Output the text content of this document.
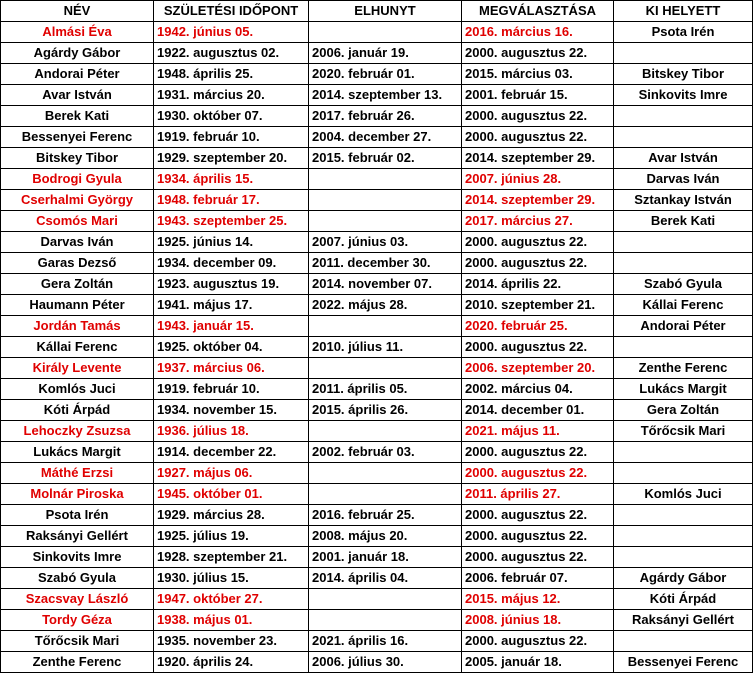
NÉV	SZÜLETÉSI IDŐPONT	ELHUNYT	MEGVÁLASZTÁSA	KI HELYETT
Almási Éva	1942. június 05.		2016. március 16.	Psota Irén
Agárdy Gábor	1922. augusztus 02.	2006. január 19.	2000. augusztus 22.	
Andorai Péter	1948. április 25.	2020. február 01.	2015. március 03.	Bitskey Tibor
Avar István	1931. március 20.	2014. szeptember 13.	2001. február 15.	Sinkovits Imre
Berek Kati	1930. október 07.	2017. február 26.	2000. augusztus 22.	
Bessenyei Ferenc	1919. február 10.	2004. december 27.	2000. augusztus 22.	
Bitskey Tibor	1929. szeptember 20.	2015. február 02.	2014. szeptember 29.	Avar István
Bodrogi Gyula	1934. április 15.		2007. június 28.	Darvas Iván
Cserhalmi György	1948. február 17.		2014. szeptember 29.	Sztankay István
Csomós Mari	1943. szeptember 25.		2017. március 27.	Berek Kati
Darvas Iván	1925. június 14.	2007. június 03.	2000. augusztus 22.	
Garas Dezső	1934. december 09.	2011. december 30.	2000. augusztus 22.	
Gera Zoltán	1923. augusztus 19.	2014. november 07.	2014. április 22.	Szabó Gyula
Haumann Péter	1941. május 17.	2022. május 28.	2010. szeptember 21.	Kállai Ferenc
Jordán Tamás	1943. január 15.		2020. február 25.	Andorai Péter
Kállai Ferenc	1925. október 04.	2010. július 11.	2000. augusztus 22.	
Király Levente	1937. március 06.		2006. szeptember 20.	Zenthe Ferenc
Komlós Juci	1919. február 10.	2011. április 05.	2002. március 04.	Lukács Margit
Kóti Árpád	1934. november 15.	2015. április 26.	2014. december 01.	Gera Zoltán
Lehoczky Zsuzsa	1936. július 18.		2021. május 11.	Tőrőcsik Mari
Lukács Margit	1914. december 22.	2002. február 03.	2000. augusztus 22.	
Máthé Erzsi	1927. május 06.		2000. augusztus 22.	
Molnár Piroska	1945. október 01.		2011. április 27.	Komlós Juci
Psota Irén	1929. március 28.	2016. február 25.	2000. augusztus 22.	
Raksányi Gellért	1925. július 19.	2008. május 20.	2000. augusztus 22.	
Sinkovits Imre	1928. szeptember 21.	2001. január 18.	2000. augusztus 22.	
Szabó Gyula	1930. július 15.	2014. április 04.	2006. február 07.	Agárdy Gábor
Szacsvay László	1947. október 27.		2015. május 12.	Kóti Árpád
Tordy Géza	1938. május 01.		2008. június 18.	Raksányi Gellért
Tőrőcsik Mari	1935. november 23.	2021. április 16.	2000. augusztus 22.	
Zenthe Ferenc	1920. április 24.	2006. július 30.	2005. január 18.	Bessenyei Ferenc
